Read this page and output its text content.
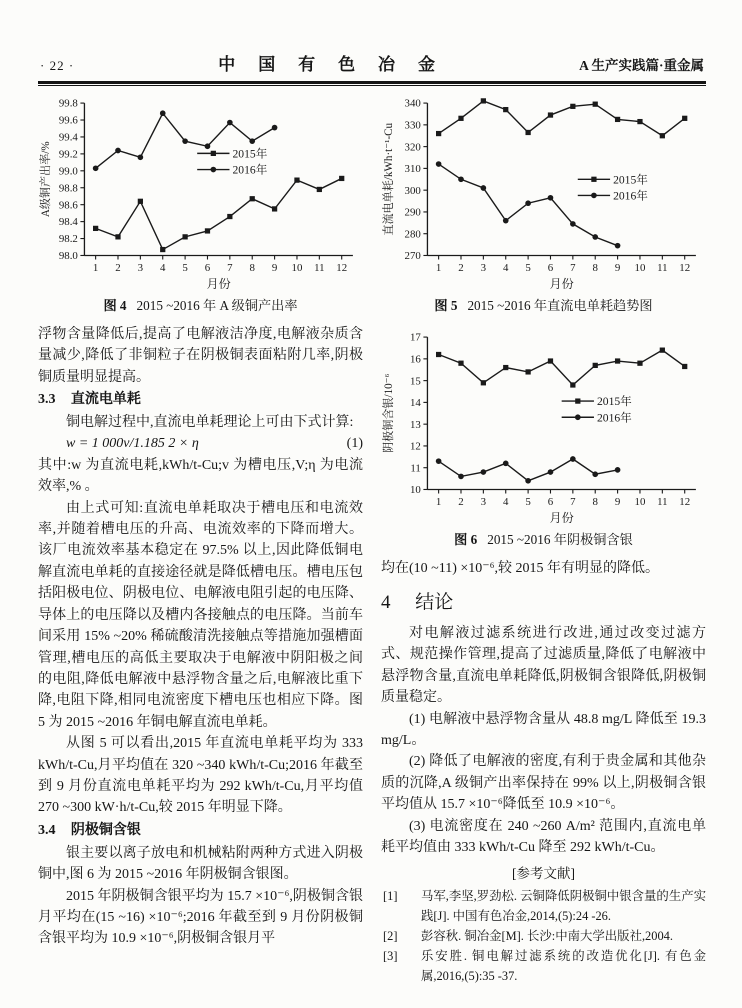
· 22 ·	中 国 有 色 冶 金	A 生产实践篇·重金属
98.0
98.2
98.4
98.6
98.8
99.0
99.2
99.4
99.6
99.8
1 2 3 4 5 6 7 8 9 10 11 12
A级铜产出率/%
月份
2015年
2016年
图 4 2015 ~2016 年 A 级铜产出率

浮物含量降低后,提高了电解液洁净度,电解液杂质含量减少,降低了非铜粒子在阴极铜表面粘附几率,阴极铜质量明显提高。

3.3 直流电单耗

铜电解过程中,直流电单耗理论上可由下式计算:

w = 1 000v/1.185 2 × η	(1)

其中:w 为直流电耗,kWh/t-Cu;v 为槽电压,V;η 为电流效率,% 。

由上式可知:直流电单耗取决于槽电压和电流效率,并随着槽电压的升高、电流效率的下降而增大。该厂电流效率基本稳定在 97.5% 以上,因此降低铜电解直流电单耗的直接途径就是降低槽电压。槽电压包括阳极电位、阴极电位、电解液电阻引起的电压降、导体上的电压降以及槽内各接触点的电压降。当前车间采用 15% ~20% 稀硫酸清洗接触点等措施加强槽面管理,槽电压的高低主要取决于电解液中阴阳极之间的电阻,降低电解液中悬浮物含量之后,电解液比重下降,电阻下降,相同电流密度下槽电压也相应下降。图 5 为 2015 ~2016 年铜电解直流电单耗。

从图 5 可以看出,2015 年直流电单耗平均为 333 kWh/t-Cu,月平均值在 320 ~340 kWh/t-Cu;2016 年截至到 9 月份直流电单耗平均为 292 kWh/t-Cu,月平均值 270 ~300 kW·h/t-Cu,较 2015 年明显下降。

3.4 阴极铜含银

银主要以离子放电和机械粘附两种方式进入阴极铜中,图 6 为 2015 ~2016 年阴极铜含银图。

2015 年阴极铜含银平均为 15.7 ×10⁻⁶,阴极铜含银月平均在(15 ~16) ×10⁻⁶;2016 年截至到 9 月份阴极铜含银平均为 10.9 ×10⁻⁶,阴极铜含银月平

270
280
290
300
310
320
330
340
1 2 3 4 5 6 7 8 9 10 11 12
直流电单耗/kWh·t⁻¹-Cu
月份
2015年
2016年
图 5 2015 ~2016 年直流电单耗趋势图
10
11
12
13
14
15
16
17
1 2 3 4 5 6 7 8 9 10 11 12
阴极铜含银/10⁻⁶
月份
2015年
2016年
图 6 2015 ~2016 年阴极铜含银

均在(10 ~11) ×10⁻⁶,较 2015 年有明显的降低。

4 结论

对电解液过滤系统进行改进,通过改变过滤方式、规范操作管理,提高了过滤质量,降低了电解液中悬浮物含量,直流电单耗降低,阴极铜含银降低,阴极铜质量稳定。

(1) 电解液中悬浮物含量从 48.8 mg/L 降低至 19.3 mg/L。

(2) 降低了电解液的密度,有利于贵金属和其他杂质的沉降,A 级铜产出率保持在 99% 以上,阴极铜含银平均值从 15.7 ×10⁻⁶降低至 10.9 ×10⁻⁶。

(3) 电流密度在 240 ~260 A/m² 范围内,直流电单耗平均值由 333 kWh/t-Cu 降至 292 kWh/t-Cu。

[参考文献]
[1]	马军,李坚,罗劲松. 云铜降低阴极铜中银含量的生产实践[J]. 中国有色冶金,2014,(5):24 -26.
[2]	彭容秋. 铜冶金[M]. 长沙:中南大学出版社,2004.
[3]	乐安胜. 铜电解过滤系统的改造优化[J]. 有色金属,2016,(5):35 -37.
